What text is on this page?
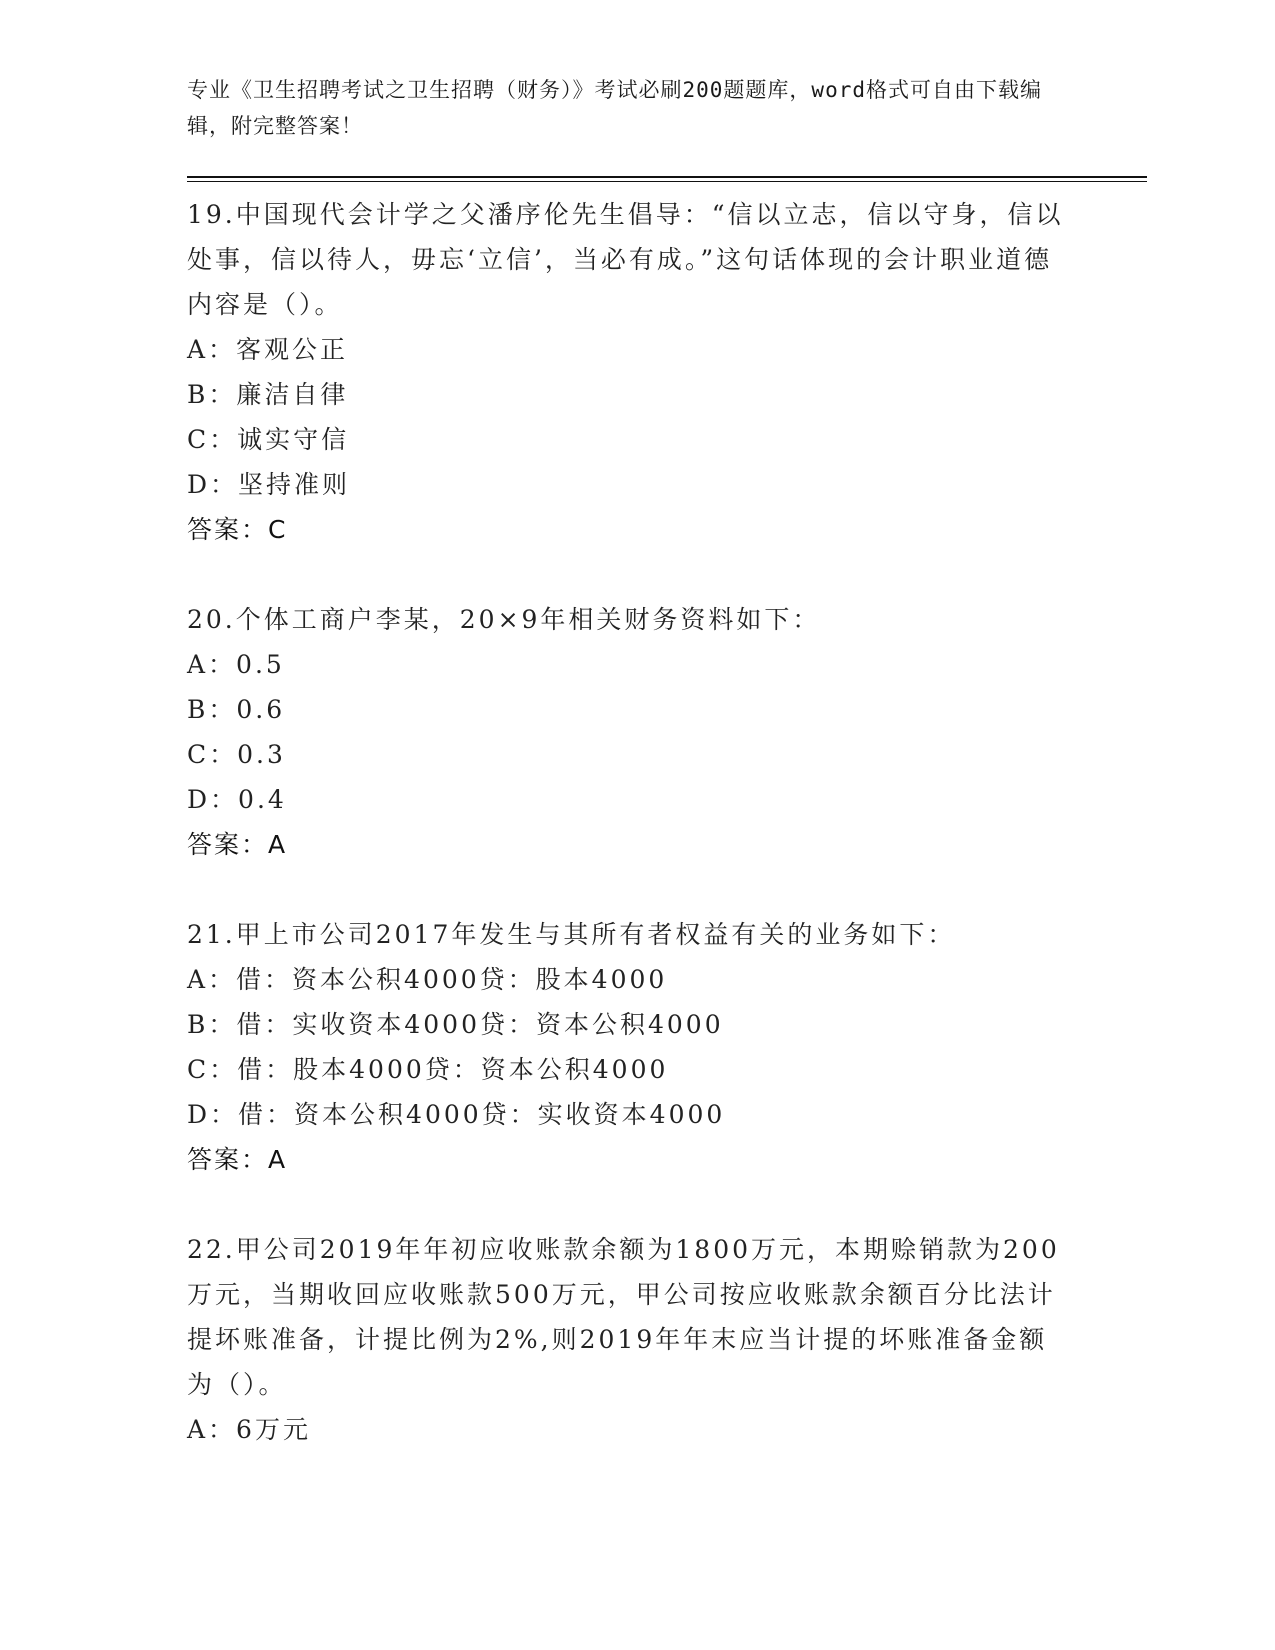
专业《卫生招聘考试之卫生招聘（财务）》考试必刷200题题库，word格式可自由下载编辑，附完整答案！

19.中国现代会计学之父潘序伦先生倡导：“信以立志，信以守身，信以处事，信以待人，毋忘‘立信’，当必有成。”这句话体现的会计职业道德内容是（）。

A：客观公正

B：廉洁自律

C：诚实守信

D：坚持准则

答案：C

20.个体工商户李某，20×9年相关财务资料如下：

A：0.5

B：0.6

C：0.3

D：0.4

答案：A

21.甲上市公司2017年发生与其所有者权益有关的业务如下：

A：借：资本公积4000贷：股本4000

B：借：实收资本4000贷：资本公积4000

C：借：股本4000贷：资本公积4000

D：借：资本公积4000贷：实收资本4000

答案：A

22.甲公司2019年年初应收账款余额为1800万元，本期赊销款为200万元，当期收回应收账款500万元，甲公司按应收账款余额百分比法计提坏账准备，计提比例为2%,则2019年年末应当计提的坏账准备金额为（）。

A：6万元
